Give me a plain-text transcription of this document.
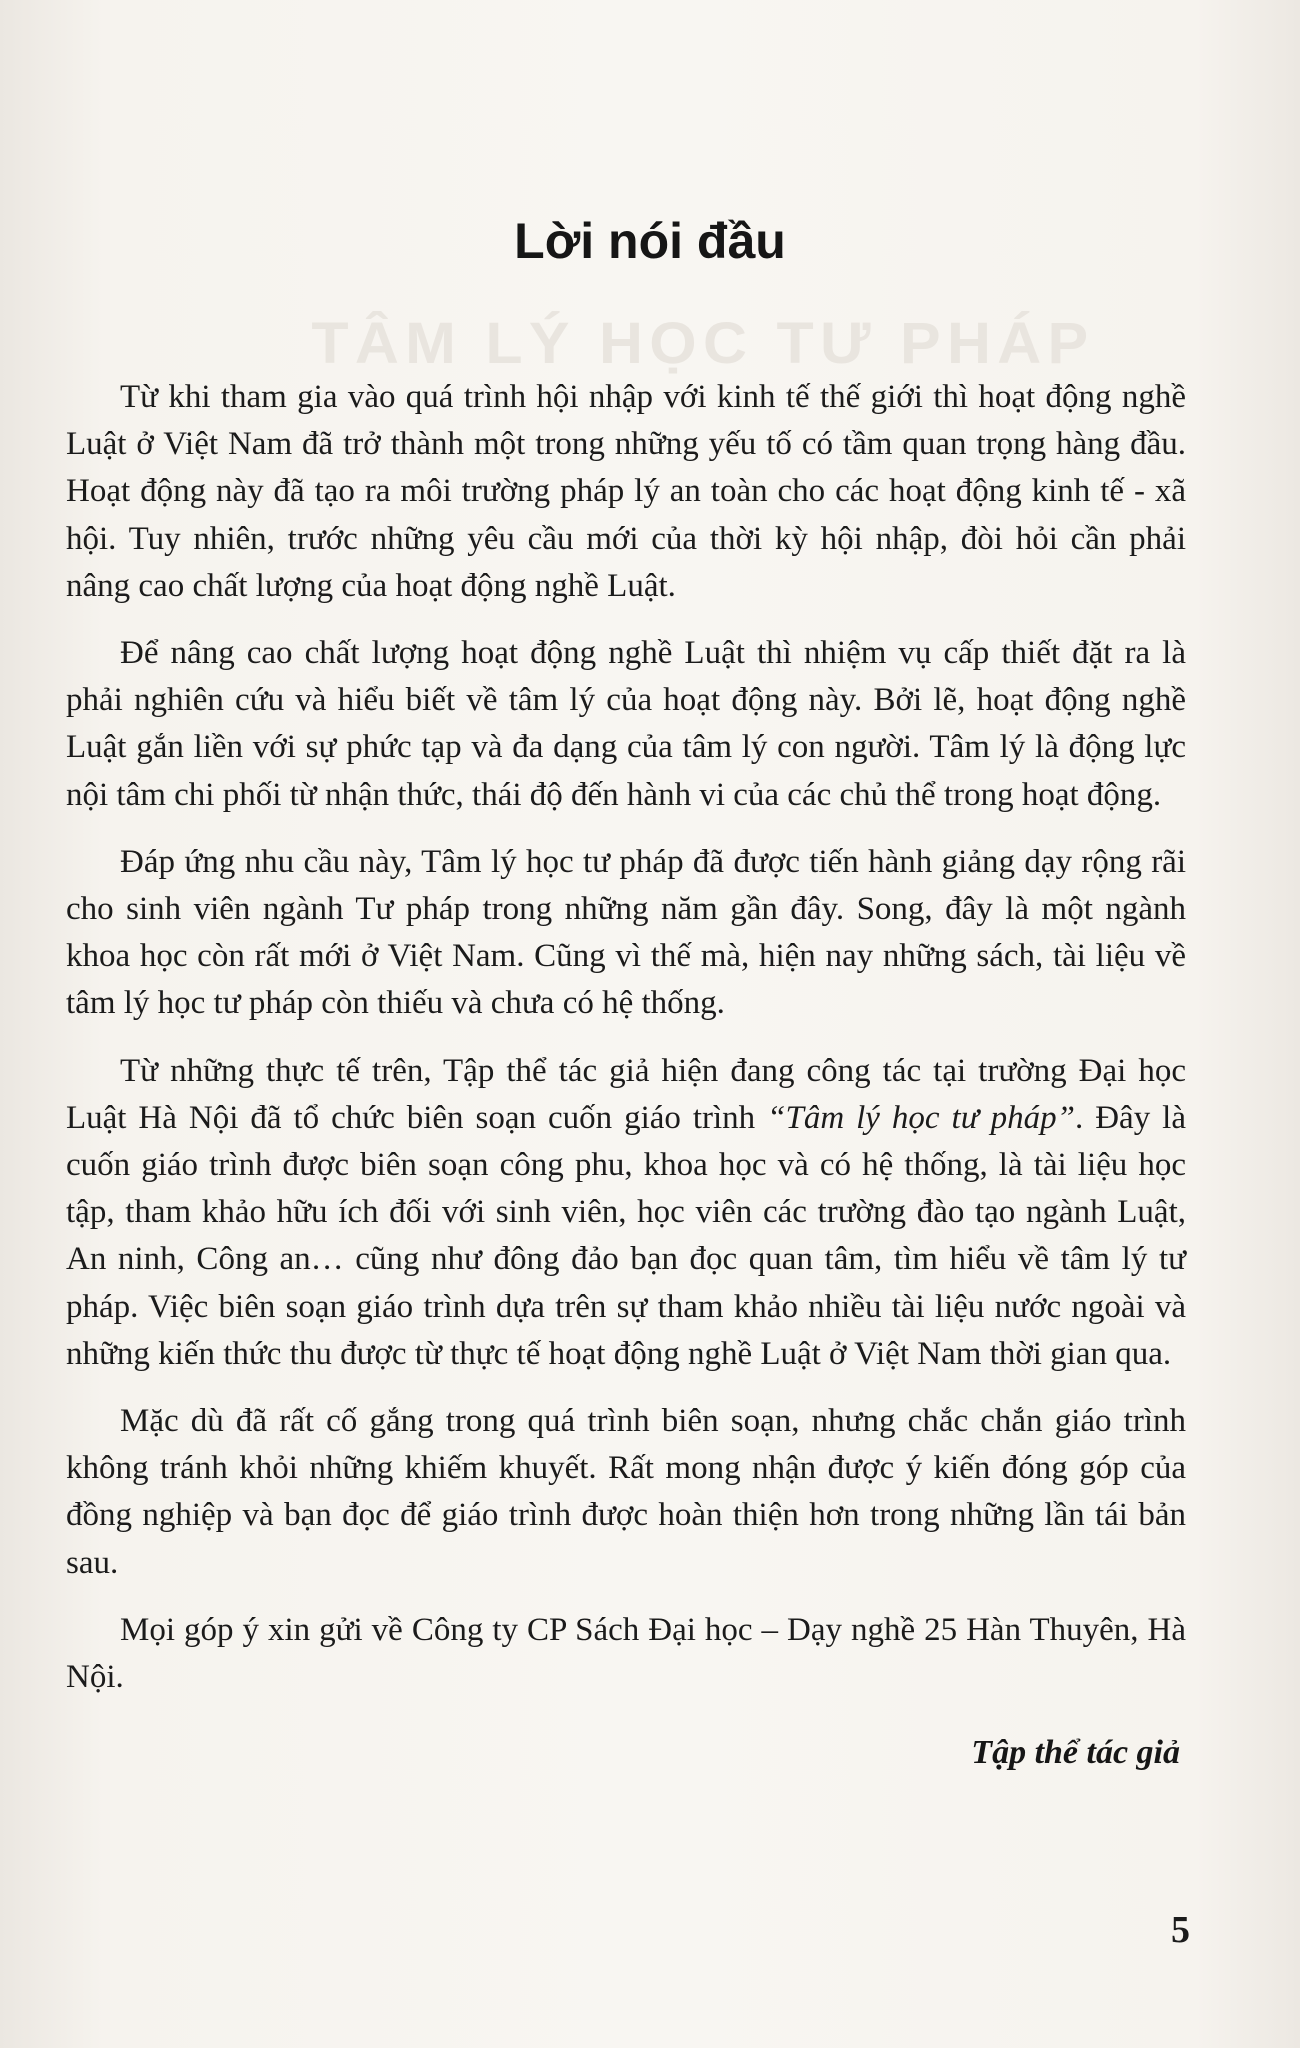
TÂM LÝ HỌC TƯ PHÁP
Lời nói đầu

Từ khi tham gia vào quá trình hội nhập với kinh tế thế giới thì hoạt động nghề Luật ở Việt Nam đã trở thành một trong những yếu tố có tầm quan trọng hàng đầu. Hoạt động này đã tạo ra môi trường pháp lý an toàn cho các hoạt động kinh tế - xã hội. Tuy nhiên, trước những yêu cầu mới của thời kỳ hội nhập, đòi hỏi cần phải nâng cao chất lượng của hoạt động nghề Luật.

Để nâng cao chất lượng hoạt động nghề Luật thì nhiệm vụ cấp thiết đặt ra là phải nghiên cứu và hiểu biết về tâm lý của hoạt động này. Bởi lẽ, hoạt động nghề Luật gắn liền với sự phức tạp và đa dạng của tâm lý con người. Tâm lý là động lực nội tâm chi phối từ nhận thức, thái độ đến hành vi của các chủ thể trong hoạt động.

Đáp ứng nhu cầu này, Tâm lý học tư pháp đã được tiến hành giảng dạy rộng rãi cho sinh viên ngành Tư pháp trong những năm gần đây. Song, đây là một ngành khoa học còn rất mới ở Việt Nam. Cũng vì thế mà, hiện nay những sách, tài liệu về tâm lý học tư pháp còn thiếu và chưa có hệ thống.

Từ những thực tế trên, Tập thể tác giả hiện đang công tác tại trường Đại học Luật Hà Nội đã tổ chức biên soạn cuốn giáo trình “Tâm lý học tư pháp”. Đây là cuốn giáo trình được biên soạn công phu, khoa học và có hệ thống, là tài liệu học tập, tham khảo hữu ích đối với sinh viên, học viên các trường đào tạo ngành Luật, An ninh, Công an… cũng như đông đảo bạn đọc quan tâm, tìm hiểu về tâm lý tư pháp. Việc biên soạn giáo trình dựa trên sự tham khảo nhiều tài liệu nước ngoài và những kiến thức thu được từ thực tế hoạt động nghề Luật ở Việt Nam thời gian qua.

Mặc dù đã rất cố gắng trong quá trình biên soạn, nhưng chắc chắn giáo trình không tránh khỏi những khiếm khuyết. Rất mong nhận được ý kiến đóng góp của đồng nghiệp và bạn đọc để giáo trình được hoàn thiện hơn trong những lần tái bản sau.

Mọi góp ý xin gửi về Công ty CP Sách Đại học – Dạy nghề 25 Hàn Thuyên, Hà Nội.

Tập thể tác giả
5
